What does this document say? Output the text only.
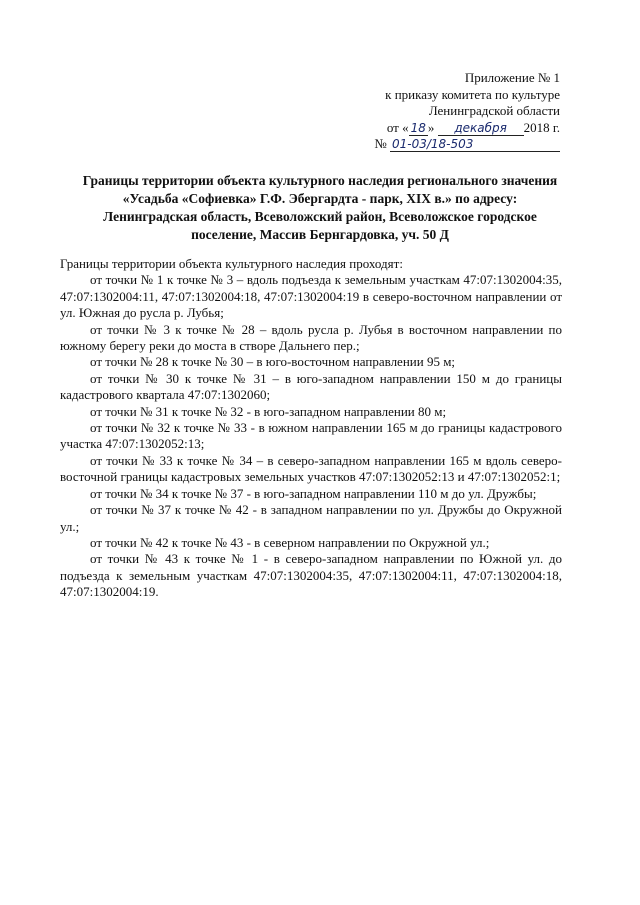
Приложение № 1
к приказу комитета по культуре
Ленинградской области
от « 18 » декабря 2018 г.
№ 01-03/18-503
Границы территории объекта культурного наследия регионального значения
«Усадьба «Софиевка» Г.Ф. Эбергардта - парк, XIX в.» по адресу:
Ленинградская область, Всеволожский район, Всеволожское городское
поселение, Массив Бернгардовка, уч. 50 Д

Границы территории объекта культурного наследия проходят:

от точки № 1 к точке № 3 – вдоль подъезда к земельным участкам 47:07:1302004:35, 47:07:1302004:11, 47:07:1302004:18, 47:07:1302004:19 в северо-восточном направлении от ул. Южная до русла р. Лубья;

от точки № 3 к точке № 28 – вдоль русла р. Лубья в восточном направлении по южному берегу реки до моста в створе Дальнего пер.;

от точки № 28 к точке № 30 – в юго-восточном направлении 95 м;

от точки № 30 к точке № 31 – в юго-западном направлении 150 м до границы кадастрового квартала 47:07:1302060;

от точки № 31 к точке № 32 - в юго-западном направлении 80 м;

от точки № 32 к точке № 33 - в южном направлении 165 м до границы кадастрового участка 47:07:1302052:13;

от точки № 33 к точке № 34 – в северо-западном направлении 165 м вдоль северо-восточной границы кадастровых земельных участков 47:07:1302052:13 и 47:07:1302052:1;

от точки № 34 к точке № 37 - в юго-западном направлении 110 м до ул. Дружбы;

от точки № 37 к точке № 42 - в западном направлении по ул. Дружбы до Окружной ул.;

от точки № 42 к точке № 43 - в северном направлении по Окружной ул.;

от точки № 43 к точке № 1 - в северо-западном направлении по Южной ул. до подъезда к земельным участкам 47:07:1302004:35, 47:07:1302004:11, 47:07:1302004:18, 47:07:1302004:19.
